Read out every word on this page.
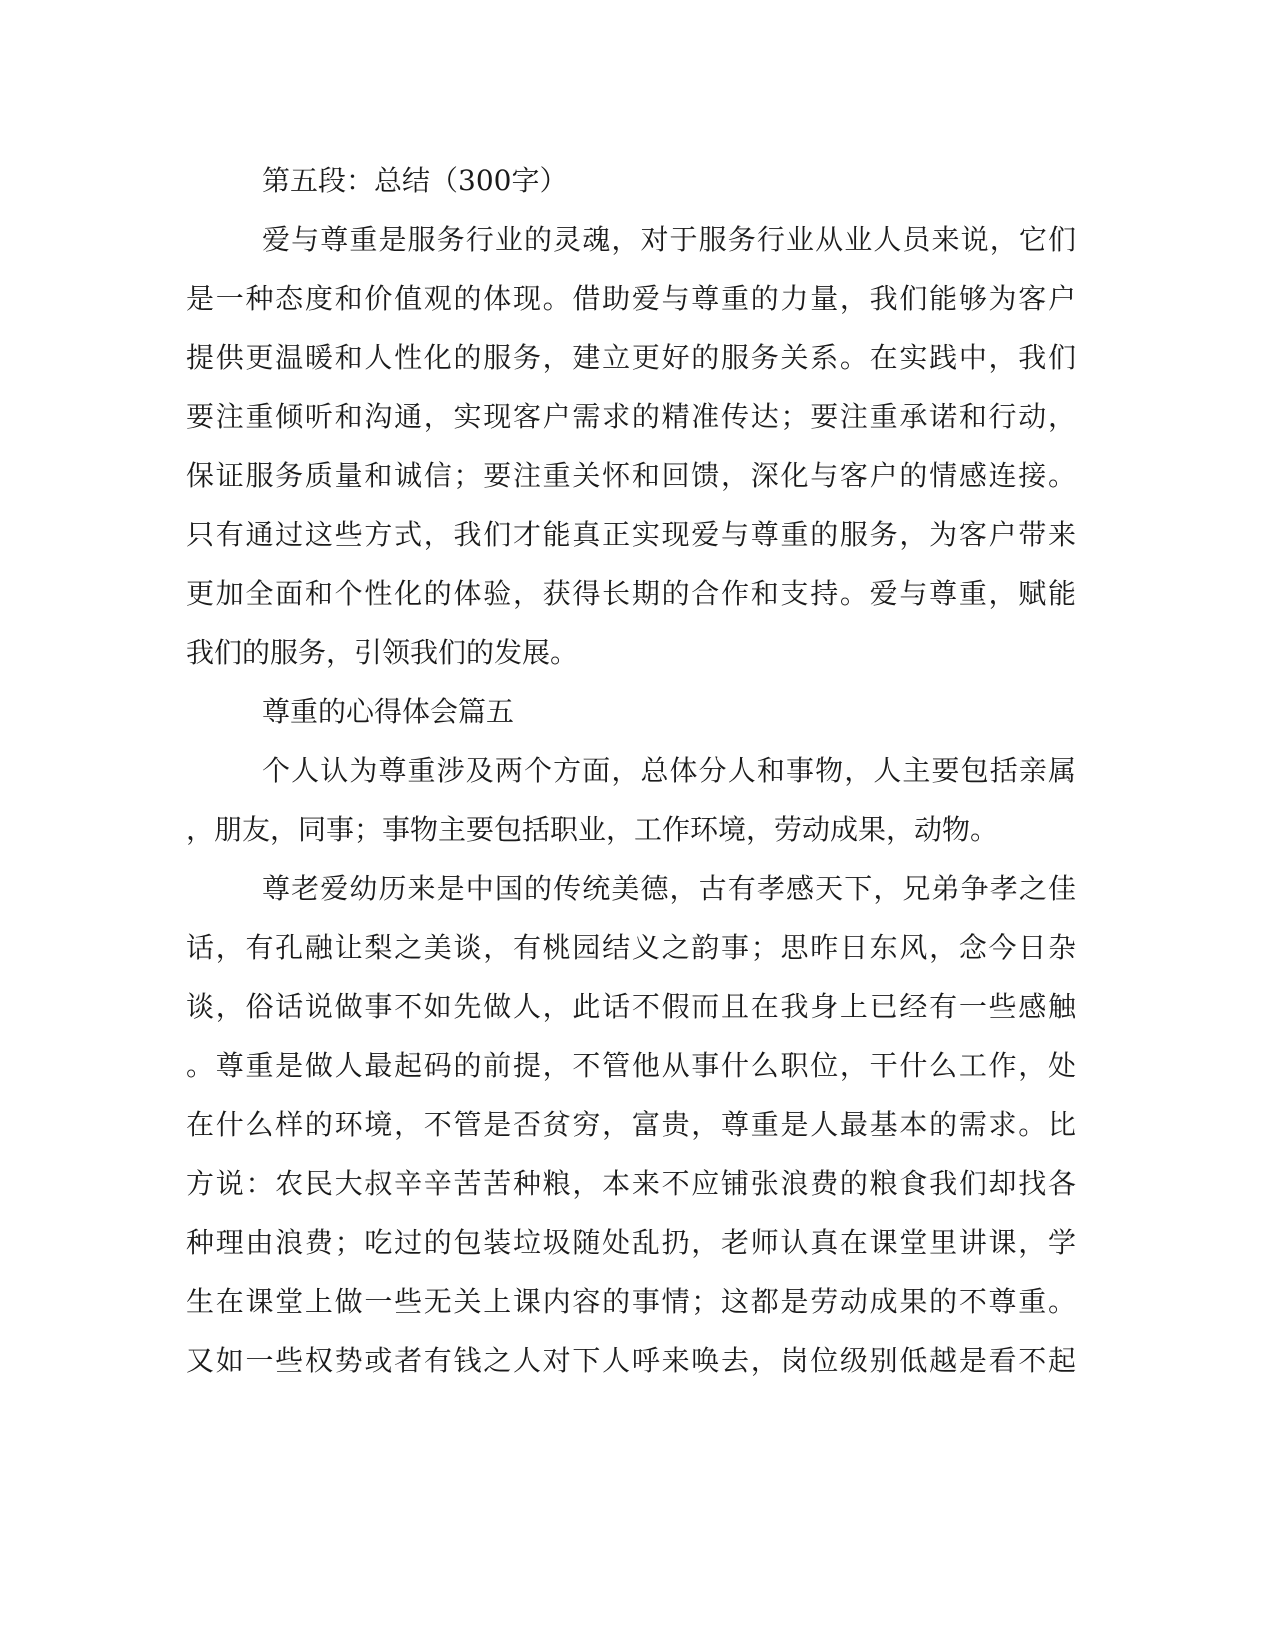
第五段：总结（300字）
爱与尊重是服务行业的灵魂，对于服务行业从业人员来说，它们
是一种态度和价值观的体现。借助爱与尊重的力量，我们能够为客户
提供更温暖和人性化的服务，建立更好的服务关系。在实践中，我们
要注重倾听和沟通，实现客户需求的精准传达；要注重承诺和行动，
保证服务质量和诚信；要注重关怀和回馈，深化与客户的情感连接。
只有通过这些方式，我们才能真正实现爱与尊重的服务，为客户带来
更加全面和个性化的体验，获得长期的合作和支持。爱与尊重，赋能
我们的服务，引领我们的发展。
尊重的心得体会篇五
个人认为尊重涉及两个方面，总体分人和事物，人主要包括亲属
，朋友，同事；事物主要包括职业，工作环境，劳动成果，动物。
尊老爱幼历来是中国的传统美德，古有孝感天下，兄弟争孝之佳
话，有孔融让梨之美谈，有桃园结义之韵事；思昨日东风，念今日杂
谈，俗话说做事不如先做人，此话不假而且在我身上已经有一些感触
。尊重是做人最起码的前提，不管他从事什么职位，干什么工作，处
在什么样的环境，不管是否贫穷，富贵，尊重是人最基本的需求。比
方说：农民大叔辛辛苦苦种粮，本来不应铺张浪费的粮食我们却找各
种理由浪费；吃过的包装垃圾随处乱扔，老师认真在课堂里讲课，学
生在课堂上做一些无关上课内容的事情；这都是劳动成果的不尊重。
又如一些权势或者有钱之人对下人呼来唤去，岗位级别低越是看不起
